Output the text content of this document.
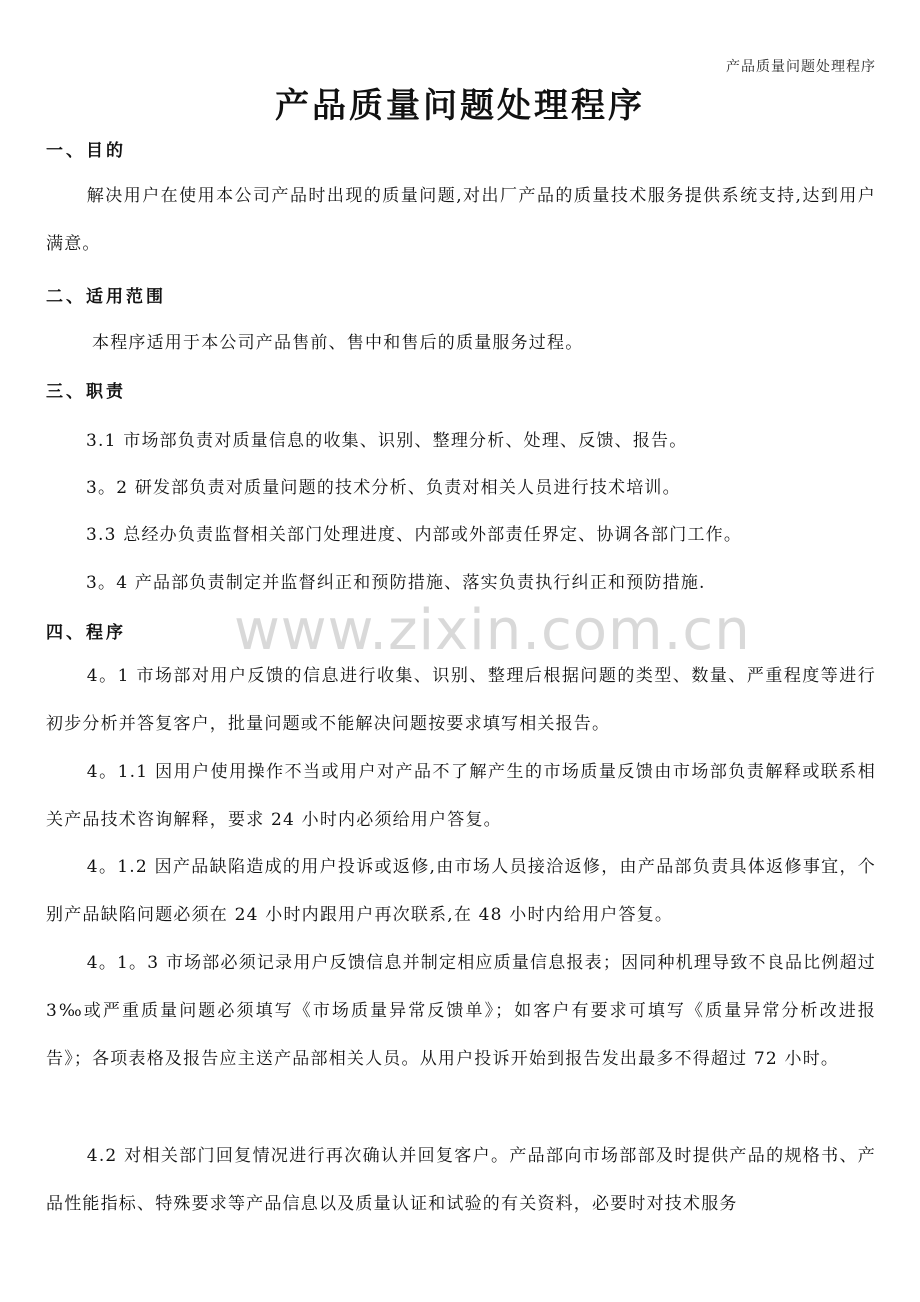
产品质量问题处理程序
产品质量问题处理程序
一、目的
解决用户在使用本公司产品时出现的质量问题,对出厂产品的质量技术服务提供系统支持,达到用户满意。
二、适用范围
本程序适用于本公司产品售前、售中和售后的质量服务过程。
三、职责
3.1 市场部负责对质量信息的收集、识别、整理分析、处理、反馈、报告。
3。2 研发部负责对质量问题的技术分析、负责对相关人员进行技术培训。
3.3 总经办负责监督相关部门处理进度、内部或外部责任界定、协调各部门工作。
3。4 产品部负责制定并监督纠正和预防措施、落实负责执行纠正和预防措施.
四、程序 www.zixin.com.cn
4。1 市场部对用户反馈的信息进行收集、识别、整理后根据问题的类型、数量、严重程度等进行初步分析并答复客户，批量问题或不能解决问题按要求填写相关报告。
4。1.1 因用户使用操作不当或用户对产品不了解产生的市场质量反馈由市场部负责解释或联系相关产品技术咨询解释，要求 24 小时内必须给用户答复。
4。1.2 因产品缺陷造成的用户投诉或返修,由市场人员接洽返修，由产品部负责具体返修事宜，个别产品缺陷问题必须在 24 小时内跟用户再次联系,在 48 小时内给用户答复。
4。1。3 市场部必须记录用户反馈信息并制定相应质量信息报表；因同种机理导致不良品比例超过 3‰或严重质量问题必须填写《市场质量异常反馈单》；如客户有要求可填写《质量异常分析改进报告》；各项表格及报告应主送产品部相关人员。从用户投诉开始到报告发出最多不得超过 72 小时。
4.2 对相关部门回复情况进行再次确认并回复客户。产品部向市场部部及时提供产品的规格书、产品性能指标、特殊要求等产品信息以及质量认证和试验的有关资料，必要时对技术服务
